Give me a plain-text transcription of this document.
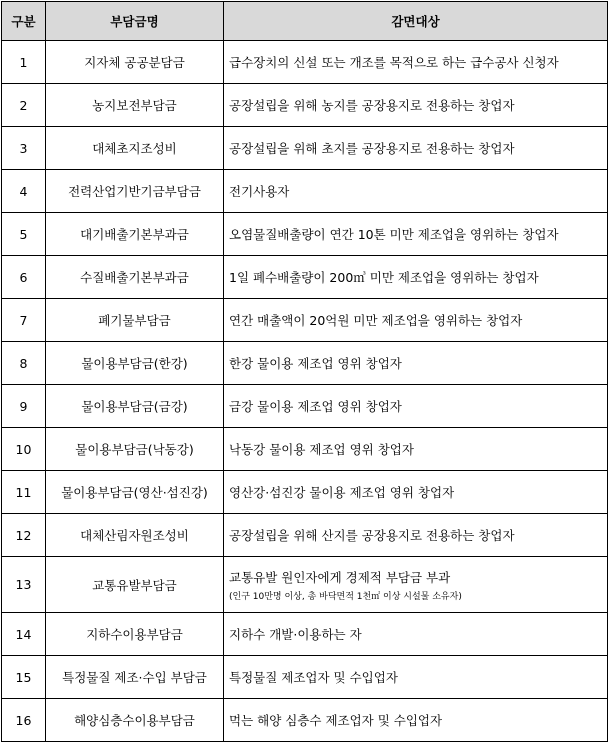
구분	부담금명	감면대상
1	지자체 공공분담금	급수장치의 신설 또는 개조를 목적으로 하는 급수공사 신청자
2	농지보전부담금	공장설립을 위해 농지를 공장용지로 전용하는 창업자
3	대체초지조성비	공장설립을 위해 초지를 공장용지로 전용하는 창업자
4	전력산업기반기금부담금	전기사용자
5	대기배출기본부과금	오염물질배출량이 연간 10톤 미만 제조업을 영위하는 창업자
6	수질배출기본부과금	1일 폐수배출량이 200㎥ 미만 제조업을 영위하는 창업자
7	폐기물부담금	연간 매출액이 20억원 미만 제조업을 영위하는 창업자
8	물이용부담금(한강)	한강 물이용 제조업 영위 창업자
9	물이용부담금(금강)	금강 물이용 제조업 영위 창업자
10	물이용부담금(낙동강)	낙동강 물이용 제조업 영위 창업자
11	물이용부담금(영산·섬진강)	영산강·섬진강 물이용 제조업 영위 창업자
12	대체산림자원조성비	공장설립을 위해 산지를 공장용지로 전용하는 창업자
13	교통유발부담금	교통유발 원인자에게 경제적 부담금 부과
(인구 10만명 이상, 총 바닥면적 1천㎡ 이상 시설물 소유자)

14	지하수이용부담금	지하수 개발·이용하는 자
15	특정물질 제조·수입 부담금	특정물질 제조업자 및 수입업자
16	해양심층수이용부담금	먹는 해양 심층수 제조업자 및 수입업자
